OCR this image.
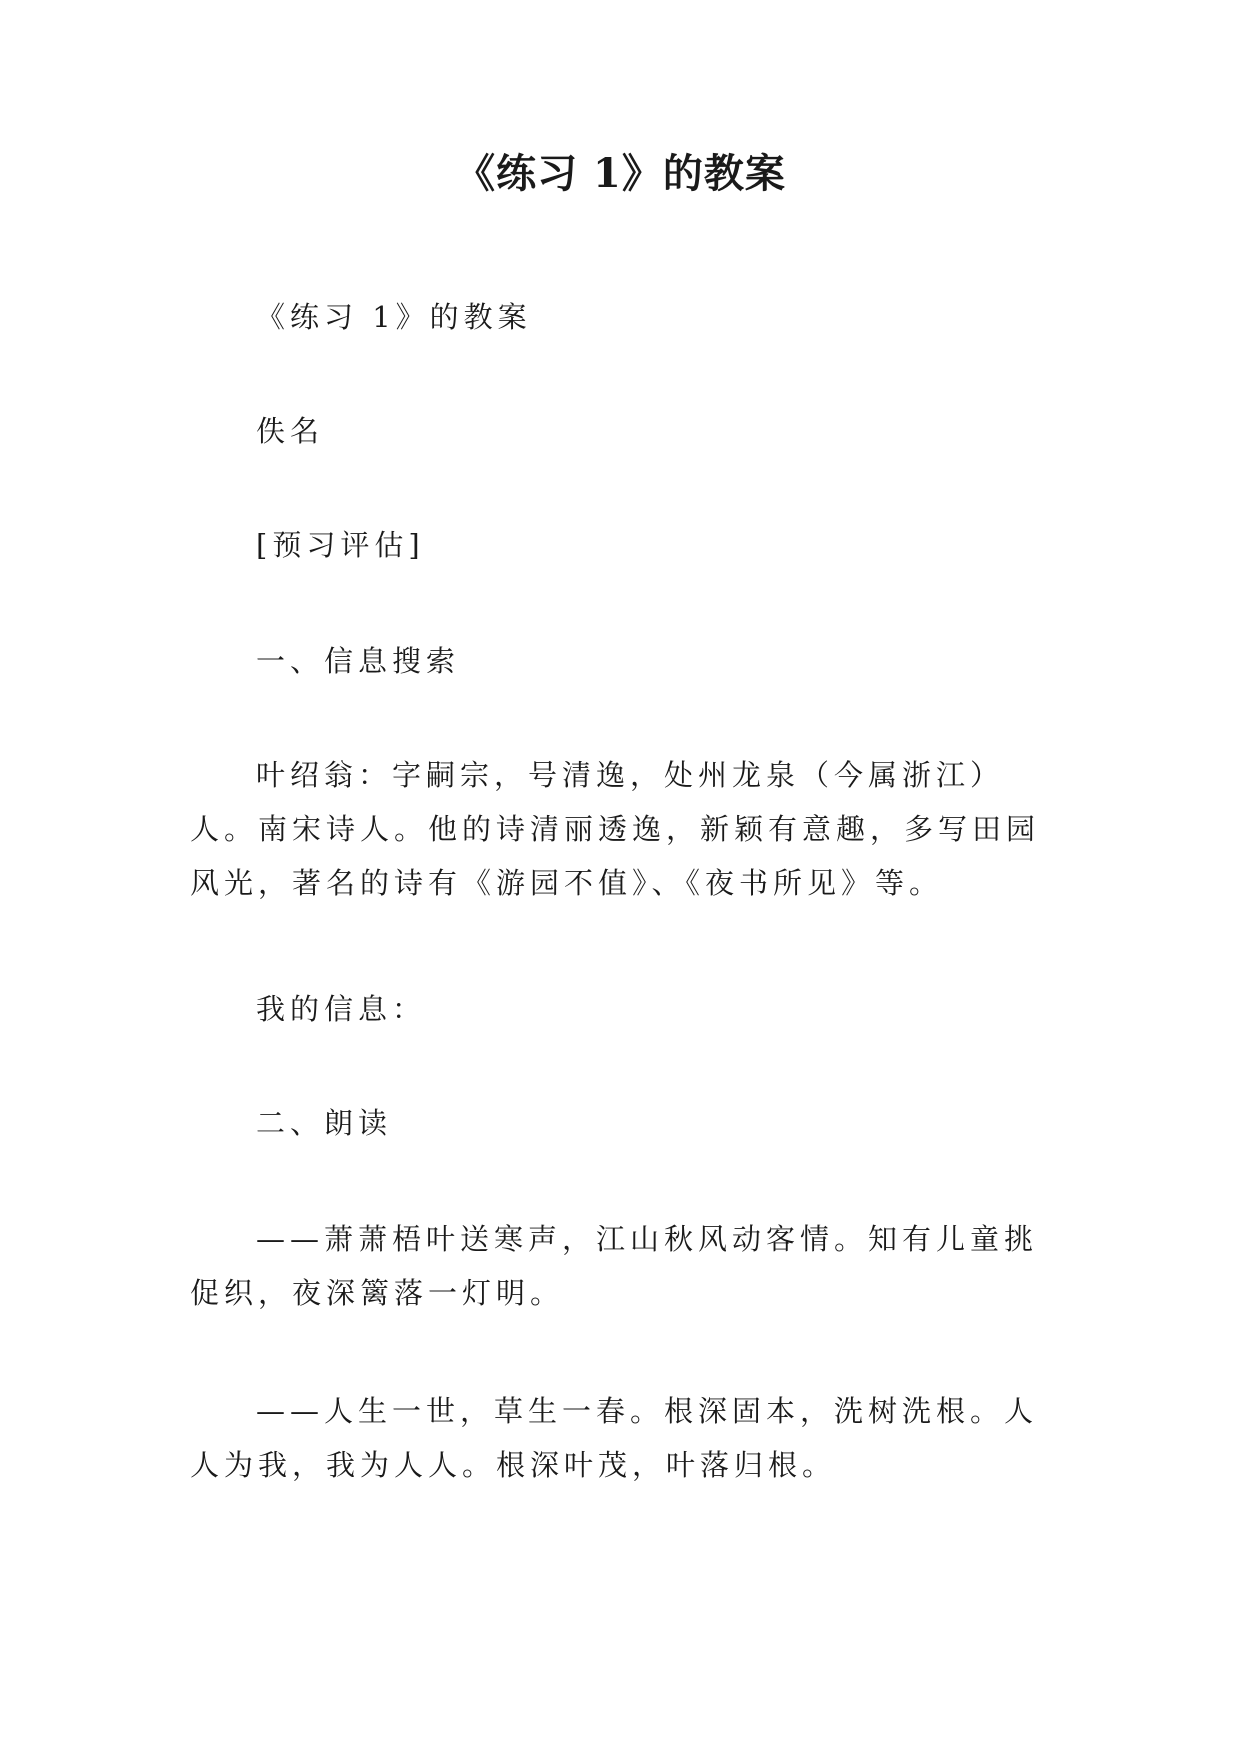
《练习 1》的教案

《练习 1》的教案

佚名

[预习评估]

一、信息搜索

叶绍翁：字嗣宗，号清逸，处州龙泉（今属浙江）人。南宋诗人。他的诗清丽透逸，新颖有意趣，多写田园风光，著名的诗有《游园不值》、《夜书所见》等。

我的信息：

二、朗读

——萧萧梧叶送寒声，江山秋风动客情。知有儿童挑促织，夜深篱落一灯明。

——人生一世，草生一春。根深固本，洗树洗根。人人为我，我为人人。根深叶茂，叶落归根。
